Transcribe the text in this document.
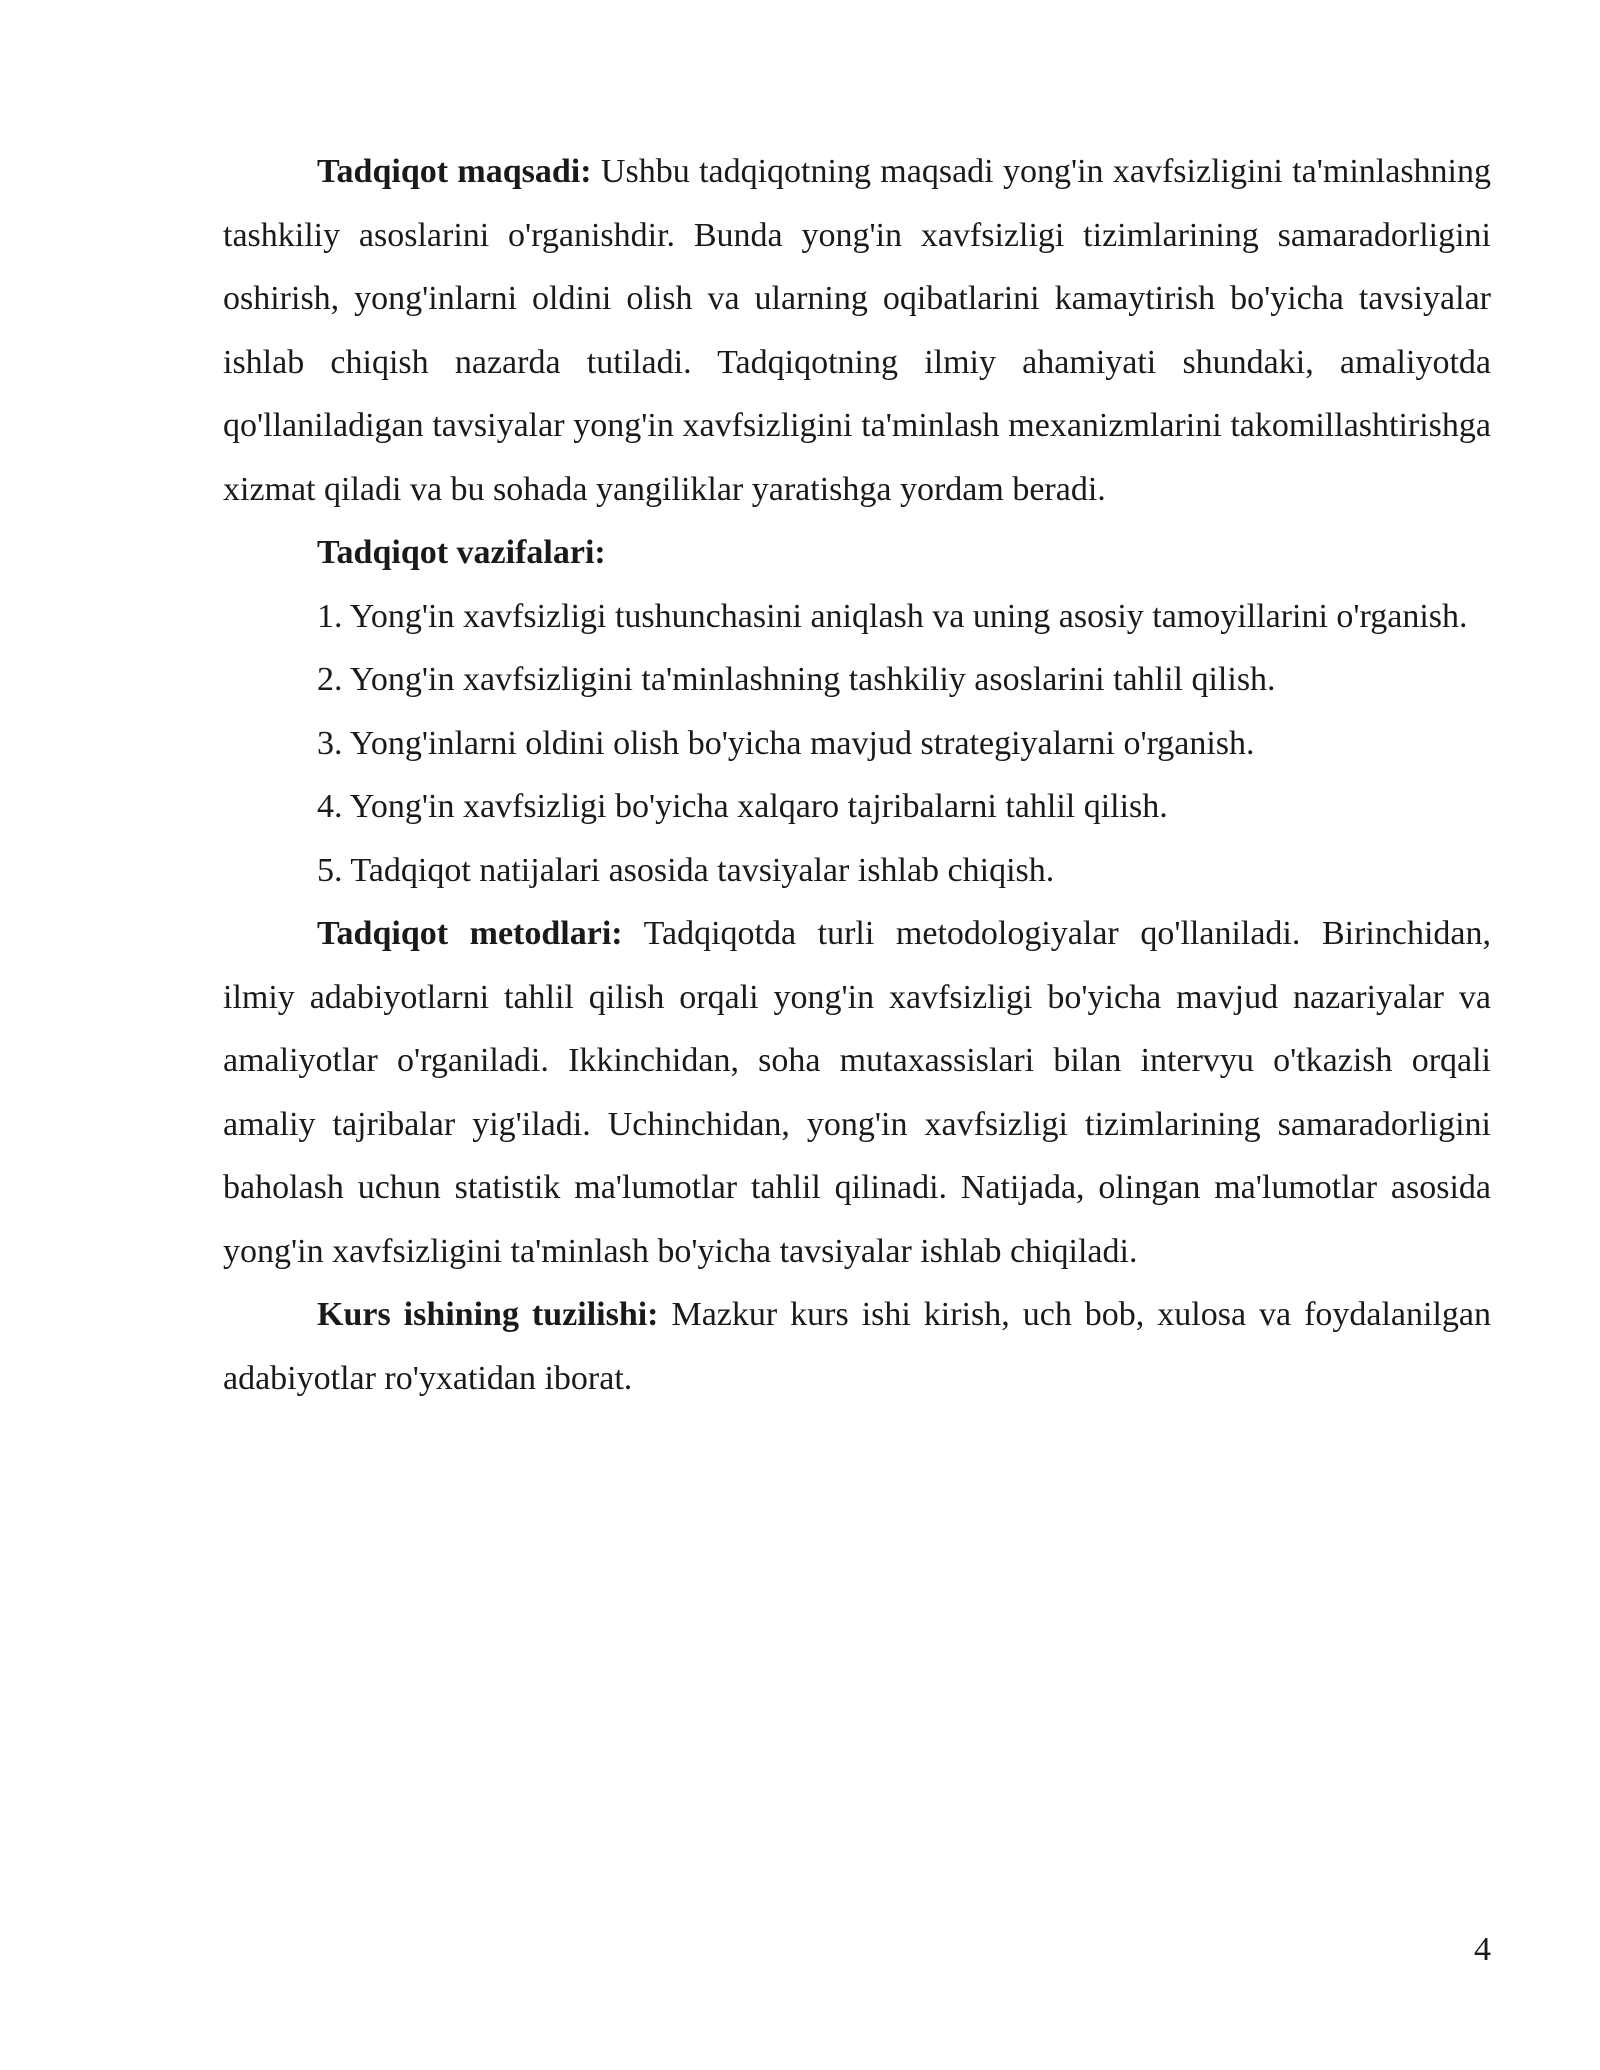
Tadqiqot maqsadi: Ushbu tadqiqotning maqsadi yong'in xavfsizligini ta'minlashning tashkiliy asoslarini o'rganishdir. Bunda yong'in xavfsizligi tizimlarining samaradorligini oshirish, yong'inlarni oldini olish va ularning oqibatlarini kamaytirish bo'yicha tavsiyalar ishlab chiqish nazarda tutiladi. Tadqiqotning ilmiy ahamiyati shundaki, amaliyotda qo'llaniladigan tavsiyalar yong'in xavfsizligini ta'minlash mexanizmlarini takomillashtirishga xizmat qiladi va bu sohada yangiliklar yaratishga yordam beradi.

Tadqiqot vazifalari:

1. Yong'in xavfsizligi tushunchasini aniqlash va uning asosiy tamoyillarini o'rganish.
2. Yong'in xavfsizligini ta'minlashning tashkiliy asoslarini tahlil qilish.
3. Yong'inlarni oldini olish bo'yicha mavjud strategiyalarni o'rganish.
4. Yong'in xavfsizligi bo'yicha xalqaro tajribalarni tahlil qilish.
5. Tadqiqot natijalari asosida tavsiyalar ishlab chiqish.

Tadqiqot metodlari: Tadqiqotda turli metodologiyalar qo'llaniladi. Birinchidan, ilmiy adabiyotlarni tahlil qilish orqali yong'in xavfsizligi bo'yicha mavjud nazariyalar va amaliyotlar o'rganiladi. Ikkinchidan, soha mutaxassislari bilan intervyu o'tkazish orqali amaliy tajribalar yig'iladi. Uchinchidan, yong'in xavfsizligi tizimlarining samaradorligini baholash uchun statistik ma'lumotlar tahlil qilinadi. Natijada, olingan ma'lumotlar asosida yong'in xavfsizligini ta'minlash bo'yicha tavsiyalar ishlab chiqiladi.

Kurs ishining tuzilishi: Mazkur kurs ishi kirish, uch bob, xulosa va foydalanilgan adabiyotlar ro'yxatidan iborat.

4
